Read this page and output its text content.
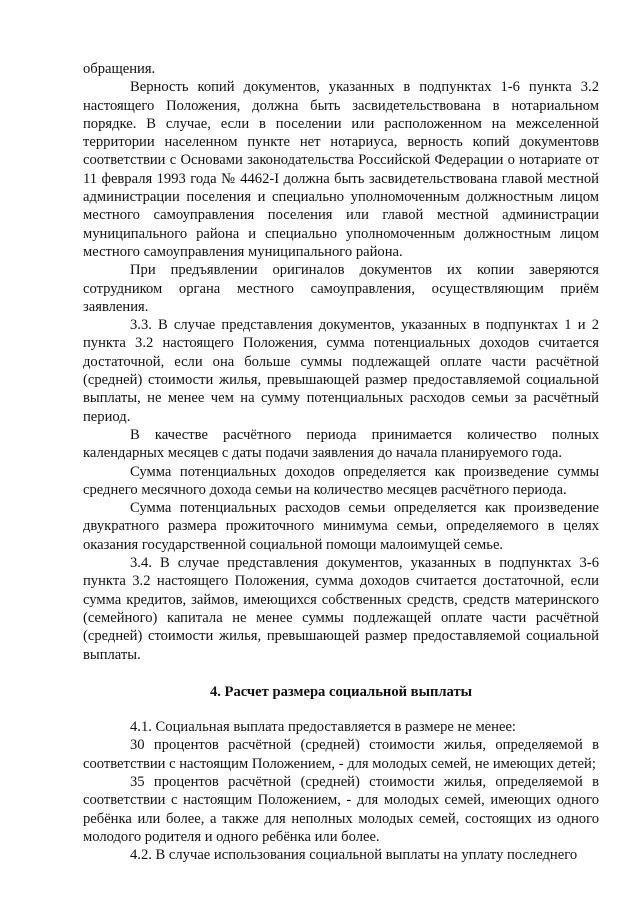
обращения.

Верность копий документов, указанных в подпунктах 1-6 пункта 3.2 настоящего Положения, должна быть засвидетельствована в нотариальном порядке. В случае, если в поселении или расположенном на межселенной территории населенном пункте нет нотариуса, верность копий документовв соответствии с Основами законодательства Российской Федерации о нотариате от 11 февраля 1993 года № 4462-I должна быть засвидетельствована главой местной администрации поселения и специально уполномоченным должностным лицом местного самоуправления поселения или главой местной администрации муниципального района и специально уполномоченным должностным лицом местного самоуправления муниципального района.

При предъявлении оригиналов документов их копии заверяются сотрудником органа местного самоуправления, осуществляющим приём заявления.

3.3. В случае представления документов, указанных в подпунктах 1 и 2 пункта 3.2 настоящего Положения, сумма потенциальных доходов считается достаточной, если она больше суммы подлежащей оплате части расчётной (средней) стоимости жилья, превышающей размер предоставляемой социальной выплаты, не менее чем на сумму потенциальных расходов семьи за расчётный период.

В качестве расчётного периода принимается количество полных календарных месяцев с даты подачи заявления до начала планируемого года.

Сумма потенциальных доходов определяется как произведение суммы среднего месячного дохода семьи на количество месяцев расчётного периода.

Сумма потенциальных расходов семьи определяется как произведение двукратного размера прожиточного минимума семьи, определяемого в целях оказания государственной социальной помощи малоимущей семье.

3.4. В случае представления документов, указанных в подпунктах 3-6 пункта 3.2 настоящего Положения, сумма доходов считается достаточной, если сумма кредитов, займов, имеющихся собственных средств, средств материнского (семейного) капитала не менее суммы подлежащей оплате части расчётной (средней) стоимости жилья, превышающей размер предоставляемой социальной выплаты.

4. Расчет размера социальной выплаты

4.1. Социальная выплата предоставляется в размере не менее:

30 процентов расчётной (средней) стоимости жилья, определяемой в соответствии с настоящим Положением, - для молодых семей, не имеющих детей;

35 процентов расчётной (средней) стоимости жилья, определяемой в соответствии с настоящим Положением, - для молодых семей, имеющих одного ребёнка или более, а также для неполных молодых семей, состоящих из одного молодого родителя и одного ребёнка или более.

4.2. В случае использования социальной выплаты на уплату последнего
